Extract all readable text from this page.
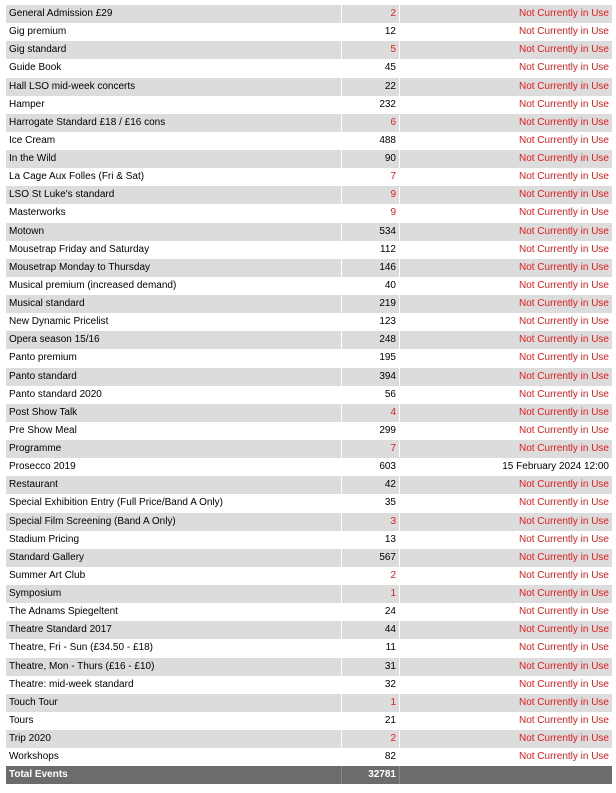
General Admission £29	2	Not Currently in Use
Gig premium	12	Not Currently in Use
Gig standard	5	Not Currently in Use
Guide Book	45	Not Currently in Use
Hall LSO mid-week concerts	22	Not Currently in Use
Hamper	232	Not Currently in Use
Harrogate Standard £18 / £16 cons	6	Not Currently in Use
Ice Cream	488	Not Currently in Use
In the Wild	90	Not Currently in Use
La Cage Aux Folles (Fri & Sat)	7	Not Currently in Use
LSO St Luke's standard	9	Not Currently in Use
Masterworks	9	Not Currently in Use
Motown	534	Not Currently in Use
Mousetrap Friday and Saturday	112	Not Currently in Use
Mousetrap Monday to Thursday	146	Not Currently in Use
Musical premium (increased demand)	40	Not Currently in Use
Musical standard	219	Not Currently in Use
New Dynamic Pricelist	123	Not Currently in Use
Opera season 15/16	248	Not Currently in Use
Panto premium	195	Not Currently in Use
Panto standard	394	Not Currently in Use
Panto standard 2020	56	Not Currently in Use
Post Show Talk	4	Not Currently in Use
Pre Show Meal	299	Not Currently in Use
Programme	7	Not Currently in Use
Prosecco 2019	603	15 February 2024 12:00
Restaurant	42	Not Currently in Use
Special Exhibition Entry (Full Price/Band A Only)	35	Not Currently in Use
Special Film Screening (Band A Only)	3	Not Currently in Use
Stadium Pricing	13	Not Currently in Use
Standard Gallery	567	Not Currently in Use
Summer Art Club	2	Not Currently in Use
Symposium	1	Not Currently in Use
The Adnams Spiegeltent	24	Not Currently in Use
Theatre Standard 2017	44	Not Currently in Use
Theatre, Fri - Sun (£34.50 - £18)	11	Not Currently in Use
Theatre, Mon - Thurs (£16 - £10)	31	Not Currently in Use
Theatre: mid-week standard	32	Not Currently in Use
Touch Tour	1	Not Currently in Use
Tours	21	Not Currently in Use
Trip 2020	2	Not Currently in Use
Workshops	82	Not Currently in Use
Total Events	32781
